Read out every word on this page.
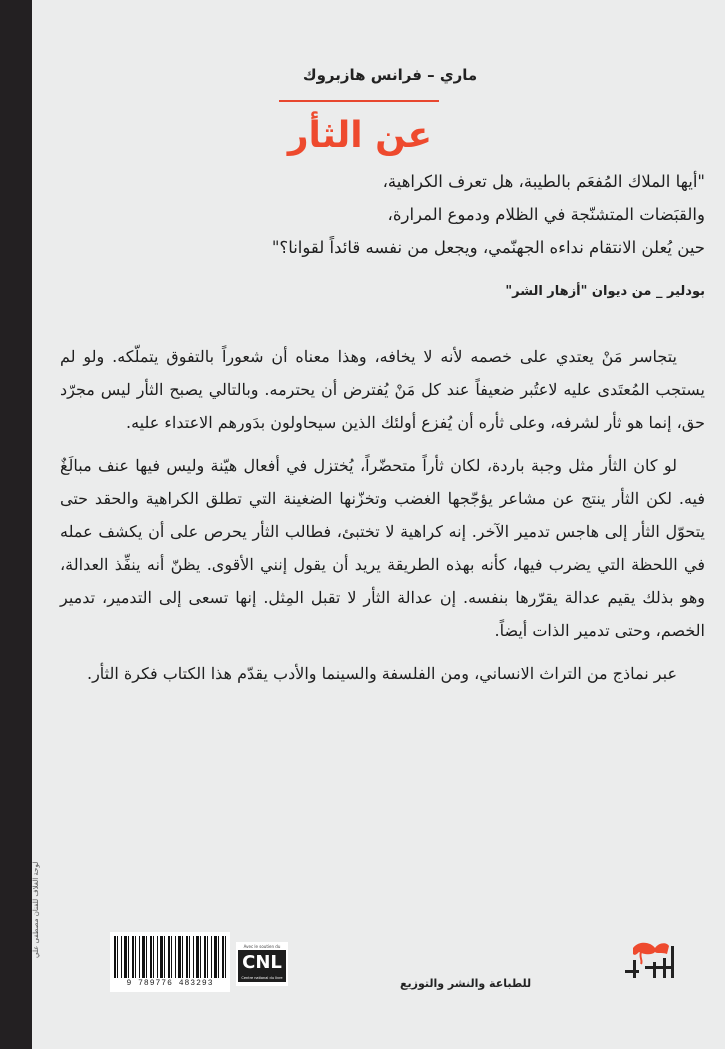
ماري – فرانس هازبروك
عن الثأر
"أيها الملاك المُفعَم بالطيبة، هل تعرف الكراهية،
والقبَضات المتشنّجة في الظلام ودموع المرارة،
حين يُعلن الانتقام نداءه الجهنّمي، ويجعل من نفسه قائداً لقوانا؟"
بودلير _ من ديوان "أزهار الشر"

يتجاسر مَنْ يعتدي على خصمه لأنه لا يخافه، وهذا معناه أن شعوراً بالتفوق يتملّكه. ولو لم يستجب المُعتَدى عليه لاعتُبر ضعيفاً عند كل مَنْ يُفترض أن يحترمه. وبالتالي يصبح الثأر ليس مجرّد حق، إنما هو ثأر لشرفه، وعلى ثأره أن يُفزع أولئك الذين سيحاولون بدَورهم الاعتداء عليه.

لو كان الثأر مثل وجبة باردة، لكان ثأراً متحضّراً، يُختزل في أفعال هيّنة وليس فيها عنف مبالَغٌ فيه. لكن الثأر ينتج عن مشاعر يؤجّجها الغضب وتخزّنها الضغينة التي تطلق الكراهية والحقد حتى يتحوّل الثأر إلى هاجس تدمير الآخر. إنه كراهية لا تختبئ، فطالب الثأر يحرص على أن يكشف عمله في اللحظة التي يضرب فيها، كأنه بهذه الطريقة يريد أن يقول إنني الأقوى. يظنّ أنه ينفِّذ العدالة، وهو بذلك يقيم عدالة يقرّرها بنفسه. إن عدالة الثأر لا تقبل المِثل. إنها تسعى إلى التدمير، تدمير الخصم، وحتى تدمير الذات أيضاً.

عبر نماذج من التراث الانساني، ومن الفلسفة والسينما والأدب يقدّم هذا الكتاب فكرة الثأر.

لوحة الغلاف للفنان مصطفى علي
9 789776 483293
Avec le soutien du
CNL
Centre national du livre	للطباعة والنشر والتوزيع
